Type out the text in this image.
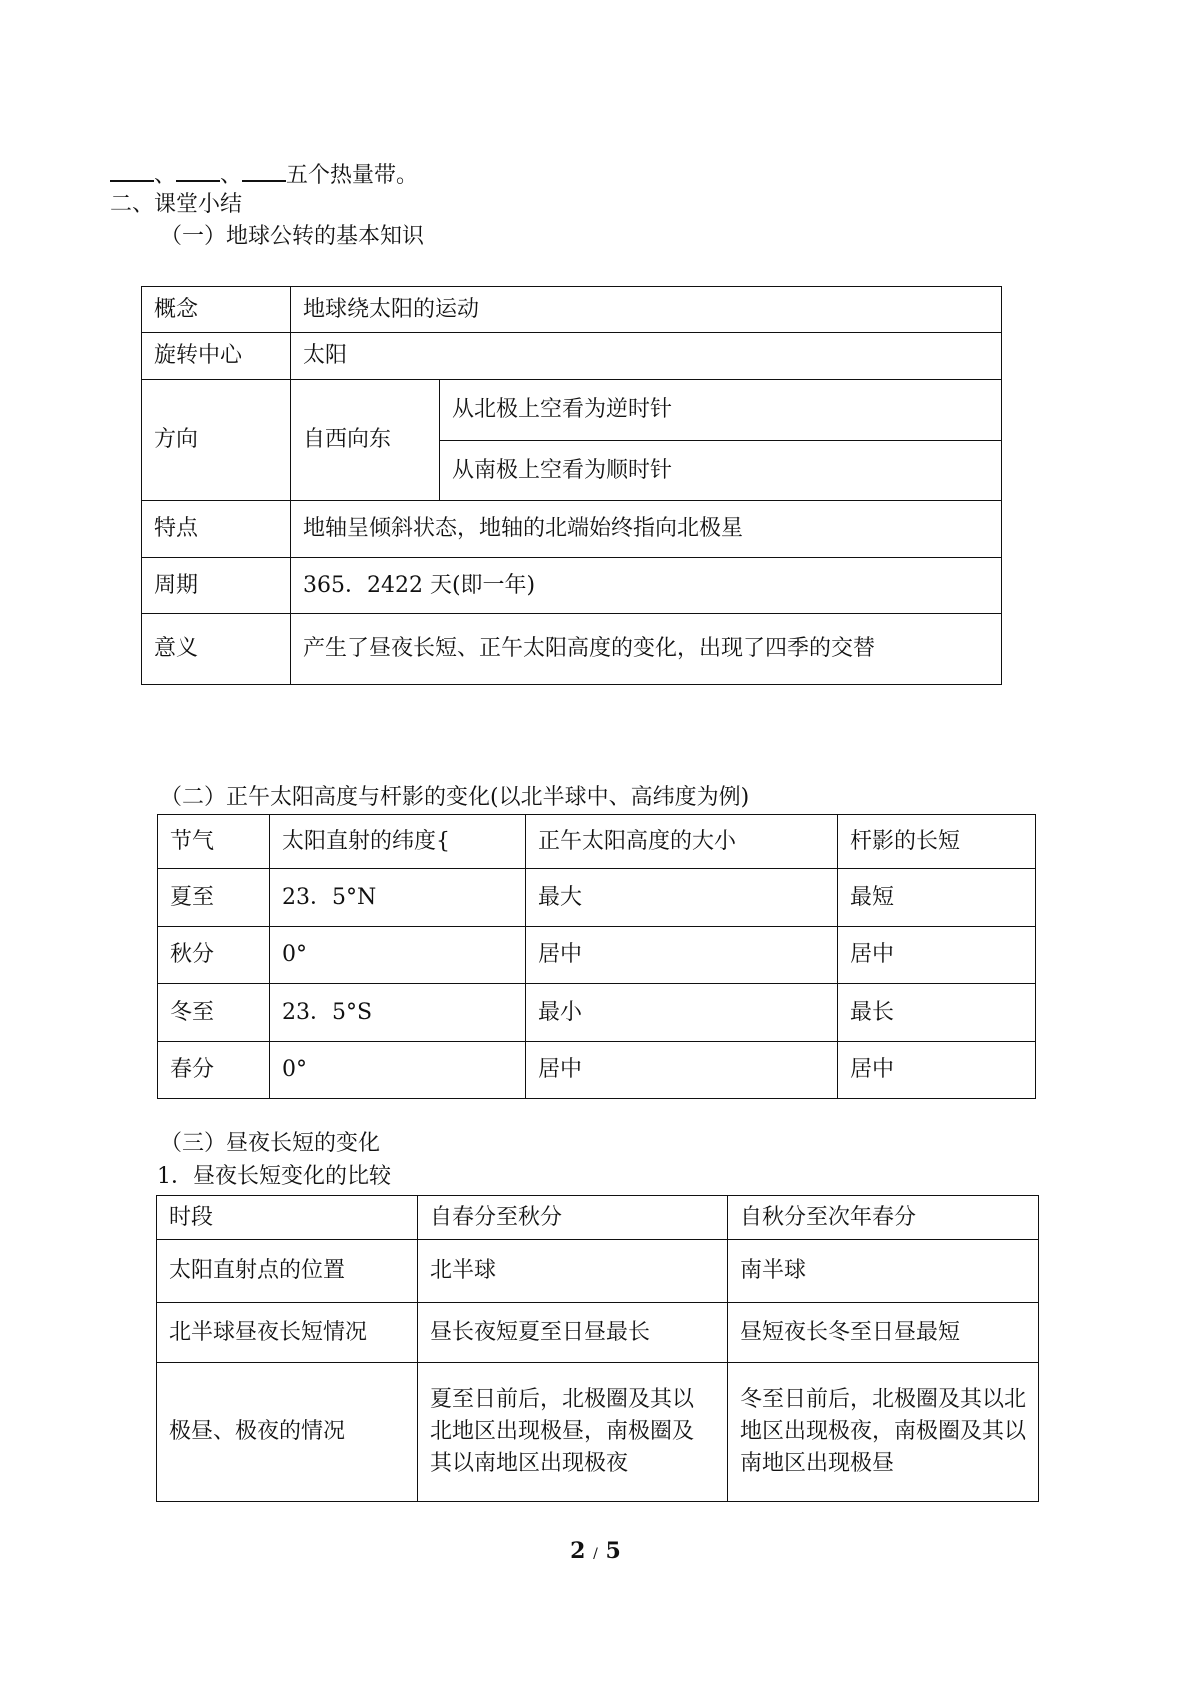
、 、 五个热量带。
二、课堂小结
（一）地球公转的基本知识
概念	地球绕太阳的运动	
旋转中心	太阳	
方向	自西向东	从北极上空看为逆时针
		从南极上空看为顺时针
特点	地轴呈倾斜状态，地轴的北端始终指向北极星	
周期	365．2422 天(即一年)	
意义	产生了昼夜长短、正午太阳高度的变化，出现了四季的交替	
（二）正午太阳高度与杆影的变化(以北半球中、高纬度为例)
节气	太阳直射的纬度{	正午太阳高度的大小	杆影的长短
夏至	23．5°N	最大	最短
秋分	0°	居中	居中
冬至	23．5°S	最小	最长
春分	0°	居中	居中
（三）昼夜长短的变化
1．昼夜长短变化的比较
时段	自春分至秋分	自秋分至次年春分
太阳直射点的位置	北半球	南半球
北半球昼夜长短情况	昼长夜短夏至日昼最长	昼短夜长冬至日昼最短
极昼、极夜的情况	夏至日前后，北极圈及其以北地区出现极昼，南极圈及其以南地区出现极夜	冬至日前后，北极圈及其以北地区出现极夜，南极圈及其以南地区出现极昼
2 / 5
